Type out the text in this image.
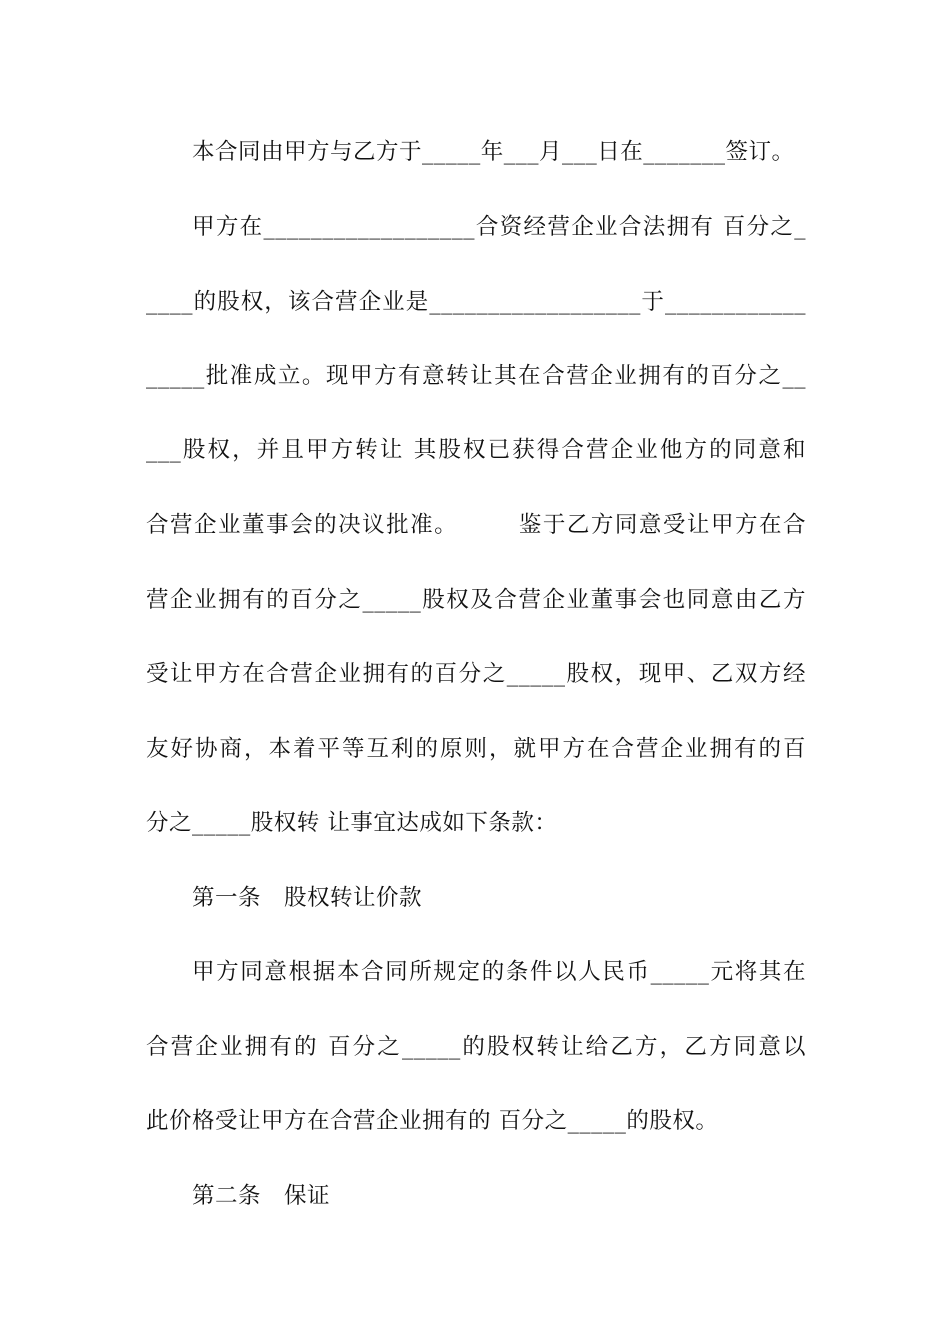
本合同由甲方与乙方于_____年___月___日在_______签订。
甲方在__________________合资经营企业合法拥有 百分之_
____的股权，该合营企业是__________________于____________
_____批准成立。现甲方有意转让其在合营企业拥有的百分之__
___股权，并且甲方转让 其股权已获得合营企业他方的同意和
合营企业董事会的决议批准。       鉴于乙方同意受让甲方在合
营企业拥有的百分之_____股权及合营企业董事会也同意由乙方
受让甲方在合营企业拥有的百分之_____股权，现甲、乙双方经
友好协商，本着平等互利的原则，就甲方在合营企业拥有的百
分之_____股权转 让事宜达成如下条款：
第一条   股权转让价款
甲方同意根据本合同所规定的条件以人民币_____元将其在
合营企业拥有的 百分之_____的股权转让给乙方，乙方同意以
此价格受让甲方在合营企业拥有的 百分之_____的股权。
第二条   保证
